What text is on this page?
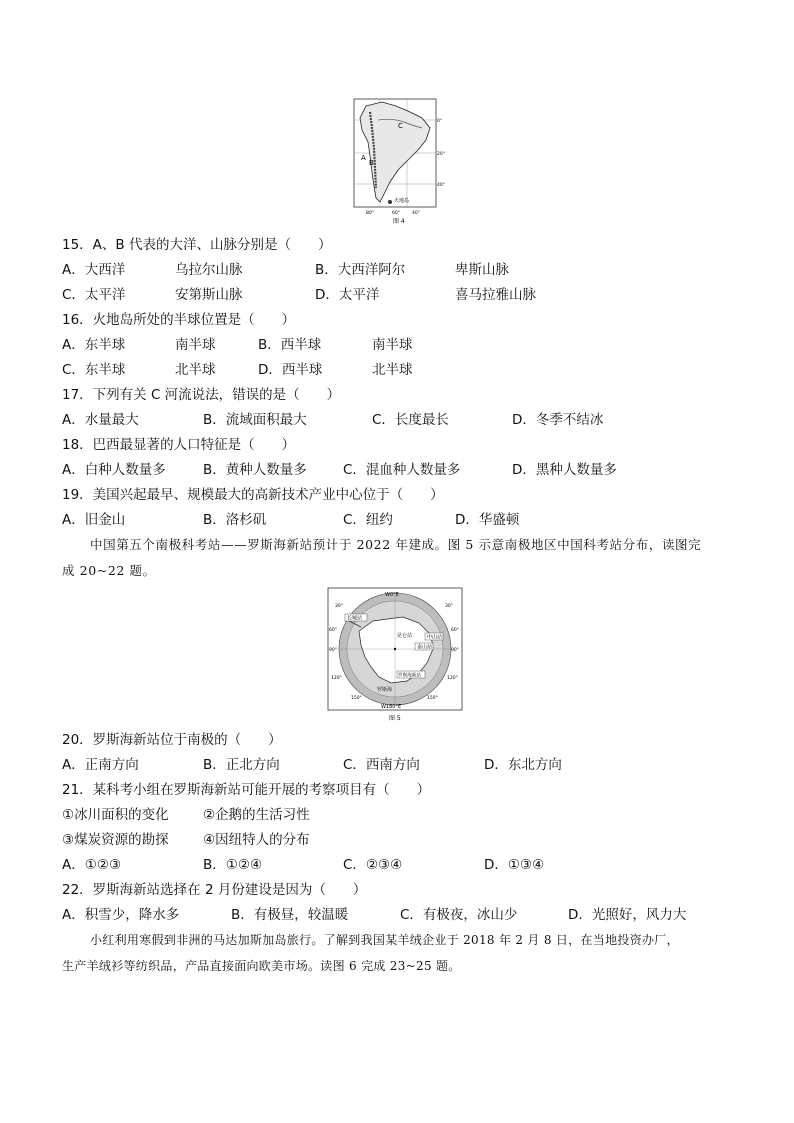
A
B
C
火地岛
0°
20°
40°
80°	60°	40°
图 4
15．A、B 代表的大洋、山脉分别是（　　）
A．大西洋	乌拉尔山脉	B．大西洋阿尔	卑斯山脉
C．太平洋	安第斯山脉	D．太平洋	喜马拉雅山脉
16．火地岛所处的半球位置是（　　）
A．东半球	南半球	B．西半球	南半球
C．东半球	北半球	D．西半球	北半球
17．下列有关 C 河流说法，错误的是（　　）
A．水量最大	B．流域面积最大	C．长度最长	D．冬季不结冰
18．巴西最显著的人口特征是（　　）
A．白种人数量多	B．黄种人数量多	C．混血种人数量多	D．黑种人数量多
19．美国兴起最早、规模最大的高新技术产业中心位于（　　）
A．旧金山	B．洛杉矶	C．纽约	D．华盛顿
中国第五个南极科考站——罗斯海新站预计于 2022 年建成。图 5 示意南极地区中国科考站分布，读图完
成 20~22 题。
W0°E
W180°E
30°
60°
90°
120°
30°
60°
90°
120°
150°	150°
长城站
昆仑站	中山站
泰山站
罗斯海新站
罗斯海
图 5
20．罗斯海新站位于南极的（　　）
A．正南方向	B．正北方向	C．西南方向	D．东北方向
21．某科考小组在罗斯海新站可能开展的考察项目有（　　）
①冰川面积的变化	②企鹅的生活习性
③煤炭资源的勘探	④因纽特人的分布
A．①②③	B．①②④	C．②③④	D．①③④
22．罗斯海新站选择在 2 月份建设是因为（　　）
A．积雪少，降水多	B．有极昼，较温暖	C．有极夜，冰山少	D．光照好，风力大
小红利用寒假到非洲的马达加斯加岛旅行。了解到我国某羊绒企业于 2018 年 2 月 8 日，在当地投资办厂，
生产羊绒衫等纺织品，产品直接面向欧美市场。读图 6 完成 23~25 题。
